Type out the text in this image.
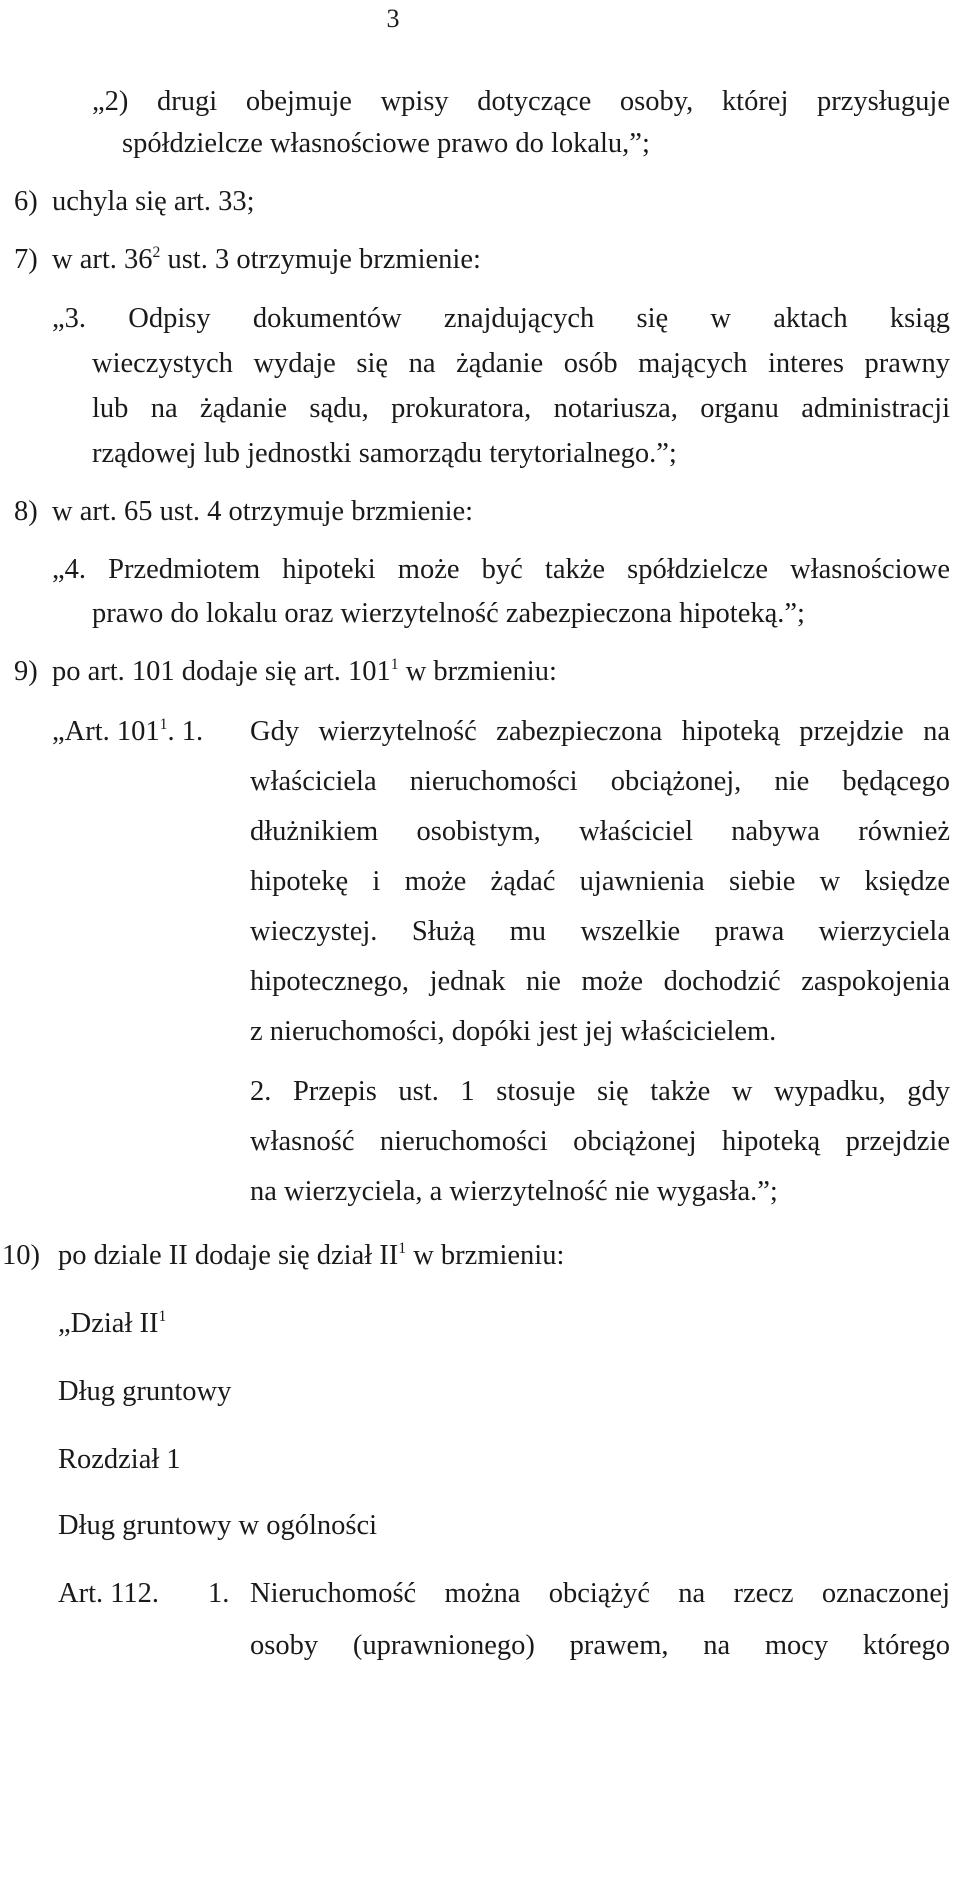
3
„2) drugi obejmuje wpisy dotyczące osoby, której przysługuje
spółdzielcze własnościowe prawo do lokalu,”;
6) uchyla się art. 33;
7) w art. $36^2$ ust. 3 otrzymuje brzmienie:
„3. Odpisy dokumentów znajdujących się w aktach ksiąg
wieczystych wydaje się na żądanie osób mających interes prawny
lub na żądanie sądu, prokuratora, notariusza, organu administracji
rządowej lub jednostki samorządu terytorialnego.”;
8) w art. 65 ust. 4 otrzymuje brzmienie:
„4. Przedmiotem hipoteki może być także spółdzielcze własnościowe
prawo do lokalu oraz wierzytelność zabezpieczona hipoteką.”;
9) po art. 101 dodaje się art. $101^1$ w brzmieniu:
„Art. $101^1$. 1. Gdy wierzytelność zabezpieczona hipoteką przejdzie na
właściciela nieruchomości obciążonej, nie będącego
dłużnikiem osobistym, właściciel nabywa również
hipotekę i może żądać ujawnienia siebie w księdze
wieczystej. Służą mu wszelkie prawa wierzyciela
hipotecznego, jednak nie może dochodzić zaspokojenia
z nieruchomości, dopóki jest jej właścicielem.
2. Przepis ust. 1 stosuje się także w wypadku, gdy
własność nieruchomości obciążonej hipoteką przejdzie
na wierzyciela, a wierzytelność nie wygasła.”;
10) po dziale II dodaje się dział $II^1$ w brzmieniu:
„Dział $II^1$
Dług gruntowy
Rozdział 1
Dług gruntowy w ogólności
Art. 112. 1. Nieruchomość można obciążyć na rzecz oznaczonej
osoby (uprawnionego) prawem, na mocy którego
